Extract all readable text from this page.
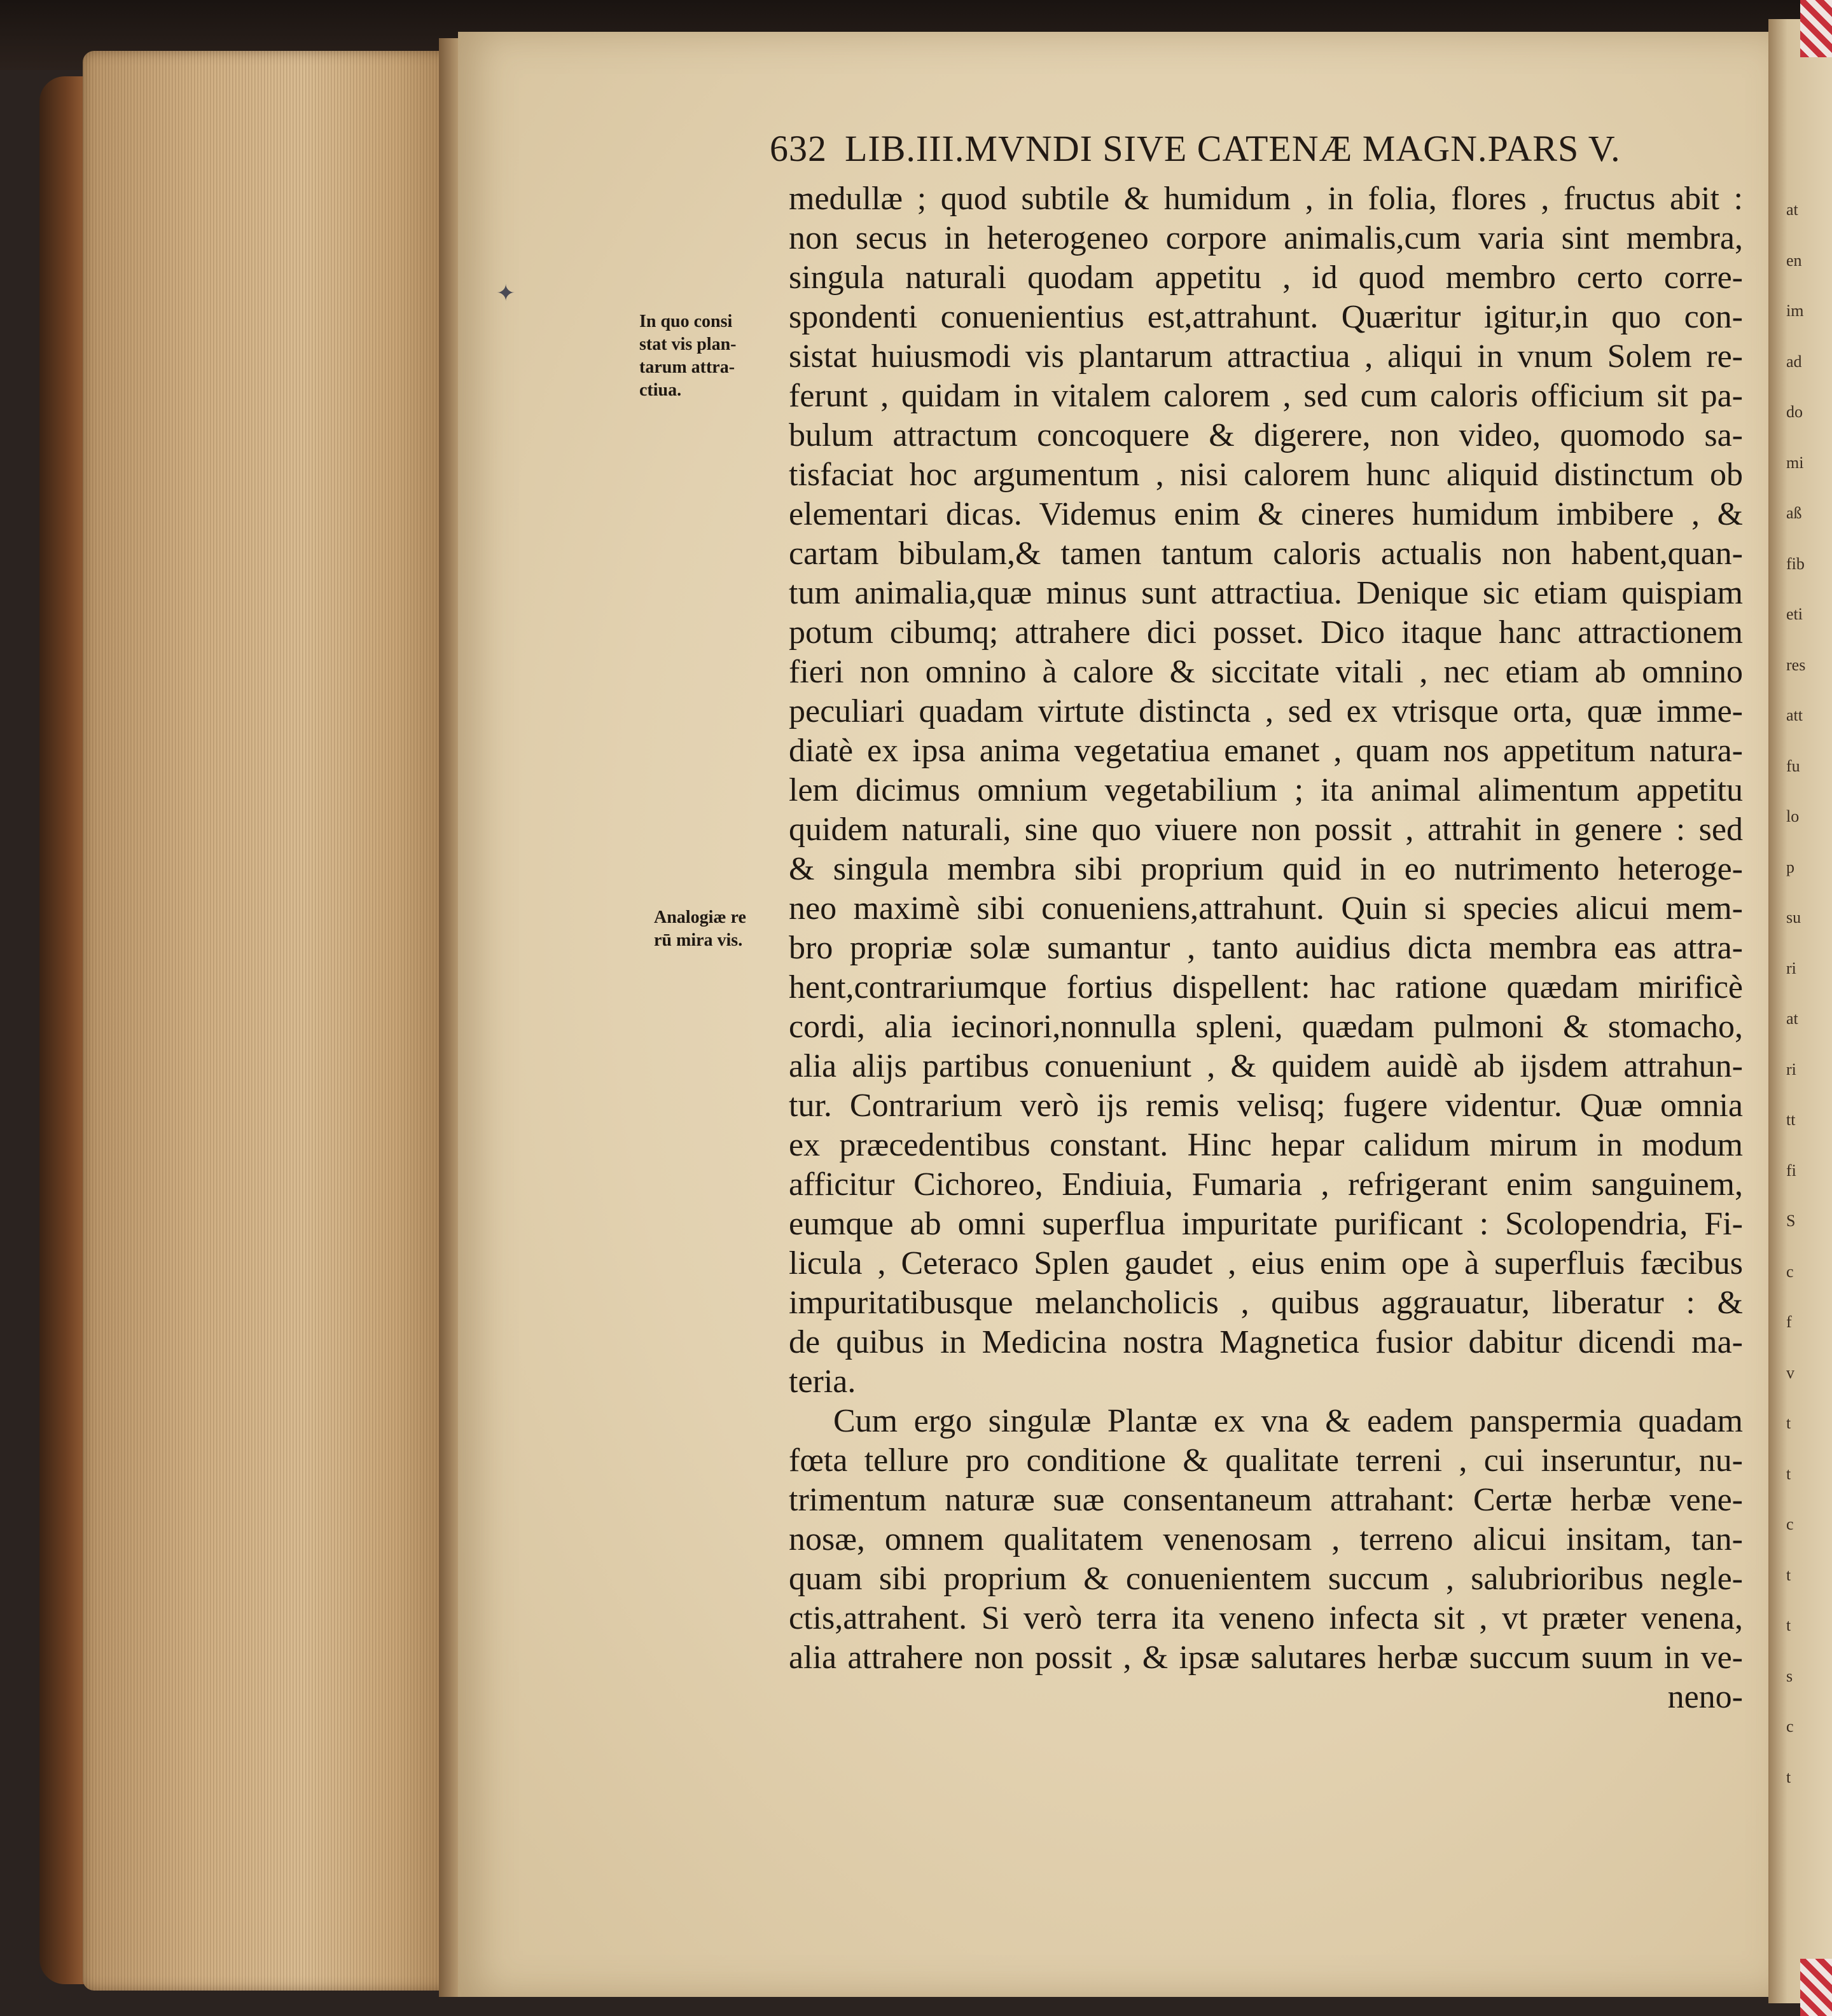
at
en
im
ad
do
mi
aß
fib
eti
res
att
fu
lo
p
su
ri
at
ri
tt
fi
S
c
f
v
t
t
c
t
t
s
c
t
632 LIB.III.MVNDI SIVE CATENÆ MAGN.PARS V.
✦
In quo consi
stat vis plan-
tarum attra-
ctiua.
Analogiæ re
rū mira vis.
medullæ ; quod subtile & humidum , in folia, flores , fructus abit :
non secus in heterogeneo corpore animalis,cum varia sint membra,
singula naturali quodam appetitu , id quod membro certo corre-
spondenti conuenientius est,attrahunt. Quæritur igitur,in quo con-
sistat huiusmodi vis plantarum attractiua , aliqui in vnum Solem re-
ferunt , quidam in vitalem calorem , sed cum caloris officium sit pa-
bulum attractum concoquere & digerere, non video, quomodo sa-
tisfaciat hoc argumentum , nisi calorem hunc aliquid distinctum ob
elementari dicas. Videmus enim & cineres humidum imbibere , &
cartam bibulam,& tamen tantum caloris actualis non habent,quan-
tum animalia,quæ minus sunt attractiua. Denique sic etiam quispiam
potum cibumq; attrahere dici posset. Dico itaque hanc attractionem
fieri non omnino à calore & siccitate vitali , nec etiam ab omnino
peculiari quadam virtute distincta , sed ex vtrisque orta, quæ imme-
diatè ex ipsa anima vegetatiua emanet , quam nos appetitum natura-
lem dicimus omnium vegetabilium ; ita animal alimentum appetitu
quidem naturali, sine quo viuere non possit , attrahit in genere : sed
& singula membra sibi proprium quid in eo nutrimento heteroge-
neo maximè sibi conueniens,attrahunt. Quin si species alicui mem-
bro propriæ solæ sumantur , tanto auidius dicta membra eas attra-
hent,contrariumque fortius dispellent: hac ratione quædam mirificè
cordi, alia iecinori,nonnulla spleni, quædam pulmoni & stomacho,
alia alijs partibus conueniunt , & quidem auidè ab ijsdem attrahun-
tur. Contrarium verò ijs remis velisq; fugere videntur. Quæ omnia
ex præcedentibus constant. Hinc hepar calidum mirum in modum
afficitur Cichoreo, Endiuia, Fumaria , refrigerant enim sanguinem,
eumque ab omni superflua impuritate purificant : Scolopendria, Fi-
licula , Ceteraco Splen gaudet , eius enim ope à superfluis fæcibus
impuritatibusque melancholicis , quibus aggrauatur, liberatur : &
de quibus in Medicina nostra Magnetica fusior dabitur dicendi ma-
teria.
Cum ergo singulæ Plantæ ex vna & eadem panspermia quadam
fœta tellure pro conditione & qualitate terreni , cui inseruntur, nu-
trimentum naturæ suæ consentaneum attrahant: Certæ herbæ vene-
nosæ, omnem qualitatem venenosam , terreno alicui insitam, tan-
quam sibi proprium & conuenientem succum , salubrioribus negle-
ctis,attrahent. Si verò terra ita veneno infecta sit , vt præter venena,
alia attrahere non possit , & ipsæ salutares herbæ succum suum in ve-
neno-
